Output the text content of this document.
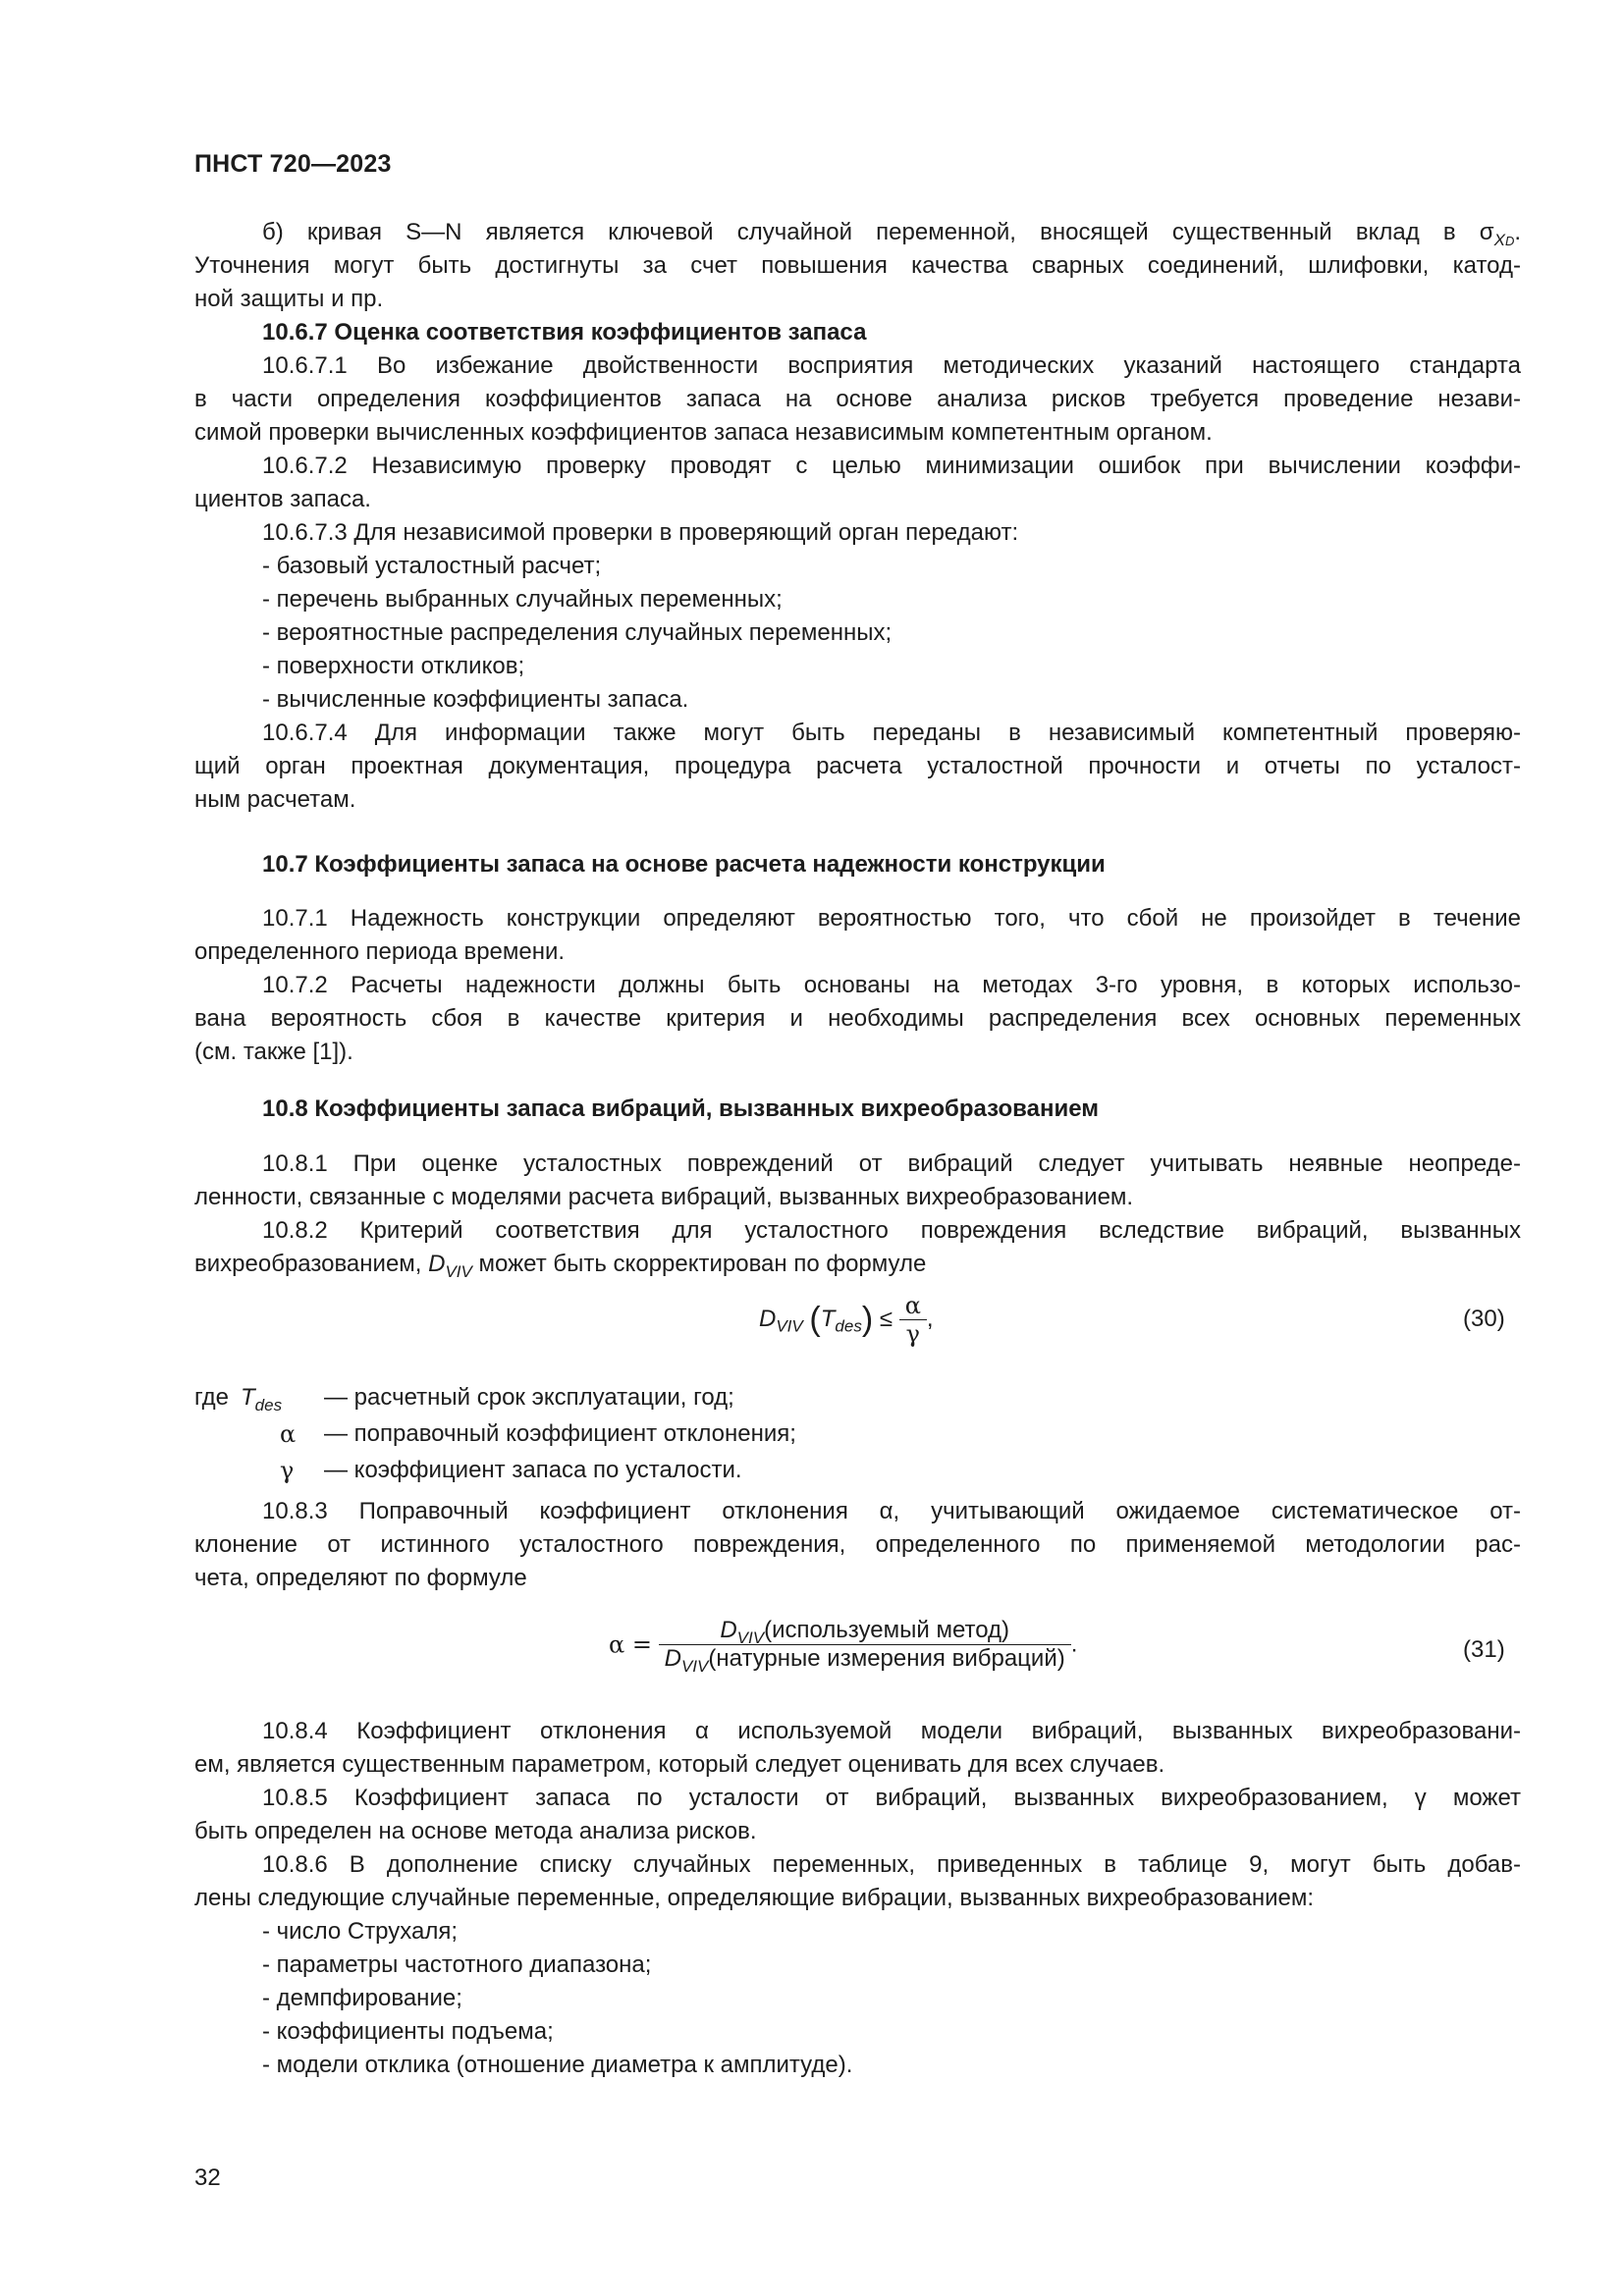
ПНСТ 720—2023
б) кривая S—N является ключевой случайной переменной, вносящей существенный вклад в $\sigma_{XD}$.
Уточнения могут быть достигнуты за счет повышения качества сварных соединений, шлифовки, катод-
ной защиты и пр.
10.6.7 Оценка соответствия коэффициентов запаса
10.6.7.1 Во избежание двойственности восприятия методических указаний настоящего стандарта
в части определения коэффициентов запаса на основе анализа рисков требуется проведение незави-
симой проверки вычисленных коэффициентов запаса независимым компетентным органом.
10.6.7.2 Независимую проверку проводят с целью минимизации ошибок при вычислении коэффи-
циентов запаса.
10.6.7.3 Для независимой проверки в проверяющий орган передают:
- базовый усталостный расчет;
- перечень выбранных случайных переменных;
- вероятностные распределения случайных переменных;
- поверхности откликов;
- вычисленные коэффициенты запаса.
10.6.7.4 Для информации также могут быть переданы в независимый компетентный проверяю-
щий орган проектная документация, процедура расчета усталостной прочности и отчеты по усталост-
ным расчетам.
10.7 Коэффициенты запаса на основе расчета надежности конструкции
10.7.1 Надежность конструкции определяют вероятностью того, что сбой не произойдет в течение
определенного периода времени.
10.7.2 Расчеты надежности должны быть основаны на методах 3-го уровня, в которых использо-
вана вероятность сбоя в качестве критерия и необходимы распределения всех основных переменных
(см. также [1]).
10.8 Коэффициенты запаса вибраций, вызванных вихреобразованием
10.8.1 При оценке усталостных повреждений от вибраций следует учитывать неявные неопреде-
ленности, связанные с моделями расчета вибраций, вызванных вихреобразованием.
10.8.2 Критерий соответствия для усталостного повреждения вследствие вибраций, вызванных
вихреобразованием, $D_{VIV}$ может быть скорректирован по формуле
$D_{VIV}$ $(T_{des}) \le \frac{\alpha}{\gamma}$ ,	(30)
где $T_{des}$ — расчетный срок эксплуатации, год;
α — поправочный коэффициент отклонения;
γ — коэффициент запаса по усталости.
10.8.3 Поправочный коэффициент отклонения α, учитывающий ожидаемое систематическое от-
клонение от истинного усталостного повреждения, определенного по применяемой методологии рас-
чета, определяют по формуле
$\alpha = \frac{D_{VIV}(используемый метод)}{D_{VIV}(натурные измерения вибраций)}$ .	(31)
10.8.4 Коэффициент отклонения α используемой модели вибраций, вызванных вихреобразовани-
ем, является существенным параметром, который следует оценивать для всех случаев.
10.8.5 Коэффициент запаса по усталости от вибраций, вызванных вихреобразованием, γ может
быть определен на основе метода анализа рисков.
10.8.6 В дополнение списку случайных переменных, приведенных в таблице 9, могут быть добав-
лены следующие случайные переменные, определяющие вибрации, вызванных вихреобразованием:
- число Струхаля;
- параметры частотного диапазона;
- демпфирование;
- коэффициенты подъема;
- модели отклика (отношение диаметра к амплитуде).
32
